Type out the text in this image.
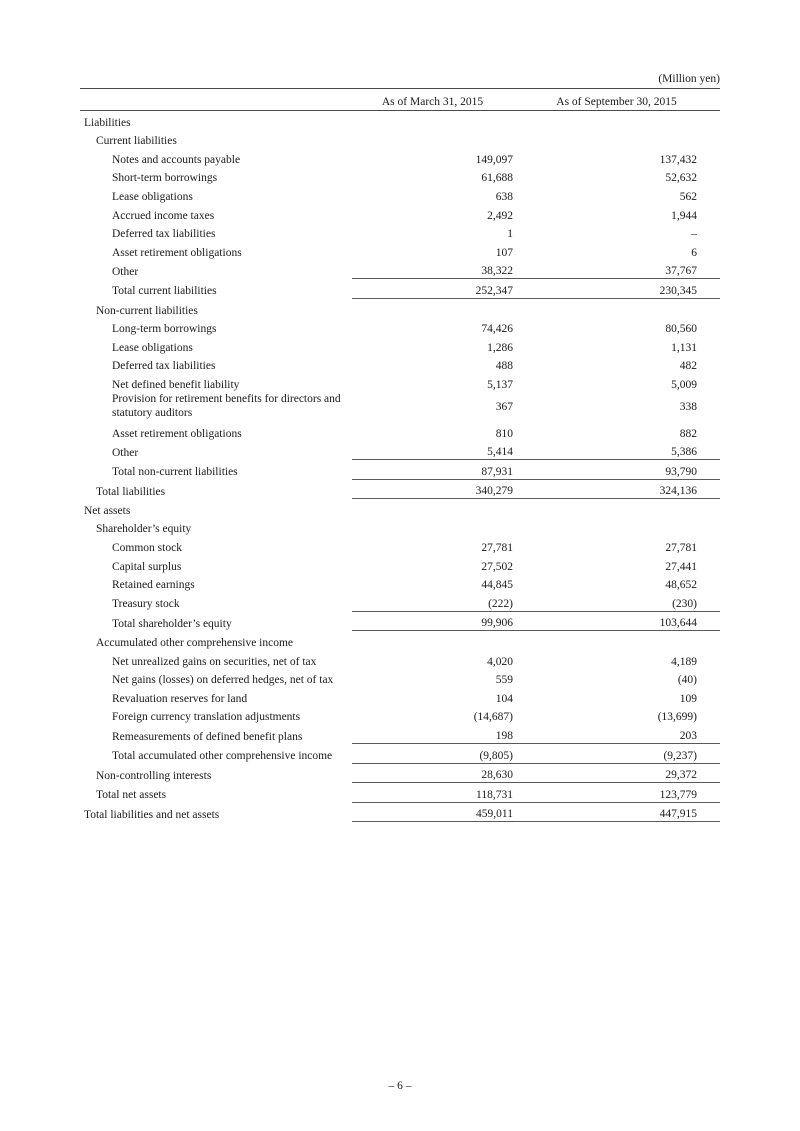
(Million yen)
	As of March 31, 2015	As of September 30, 2015
Liabilities		
Current liabilities		
Notes and accounts payable	149,097	137,432
Short-term borrowings	61,688	52,632
Lease obligations	638	562
Accrued income taxes	2,492	1,944
Deferred tax liabilities	1	–
Asset retirement obligations	107	6
Other	38,322	37,767
Total current liabilities	252,347	230,345
Non-current liabilities		
Long-term borrowings	74,426	80,560
Lease obligations	1,286	1,131
Deferred tax liabilities	488	482
Net defined benefit liability	5,137	5,009

Provision for retirement benefits for directors and statutory auditors	367	338
Asset retirement obligations	810	882
Other	5,414	5,386
Total non-current liabilities	87,931	93,790
Total liabilities	340,279	324,136
Net assets		
Shareholder’s equity		
Common stock	27,781	27,781
Capital surplus	27,502	27,441
Retained earnings	44,845	48,652
Treasury stock	(222)	(230)
Total shareholder’s equity	99,906	103,644
Accumulated other comprehensive income		
Net unrealized gains on securities, net of tax	4,020	4,189
Net gains (losses) on deferred hedges, net of tax	559	(40)
Revaluation reserves for land	104	109
Foreign currency translation adjustments	(14,687)	(13,699)
Remeasurements of defined benefit plans	198	203
Total accumulated other comprehensive income	(9,805)	(9,237)
Non-controlling interests	28,630	29,372
Total net assets	118,731	123,779
Total liabilities and net assets	459,011	447,915
– 6 –
